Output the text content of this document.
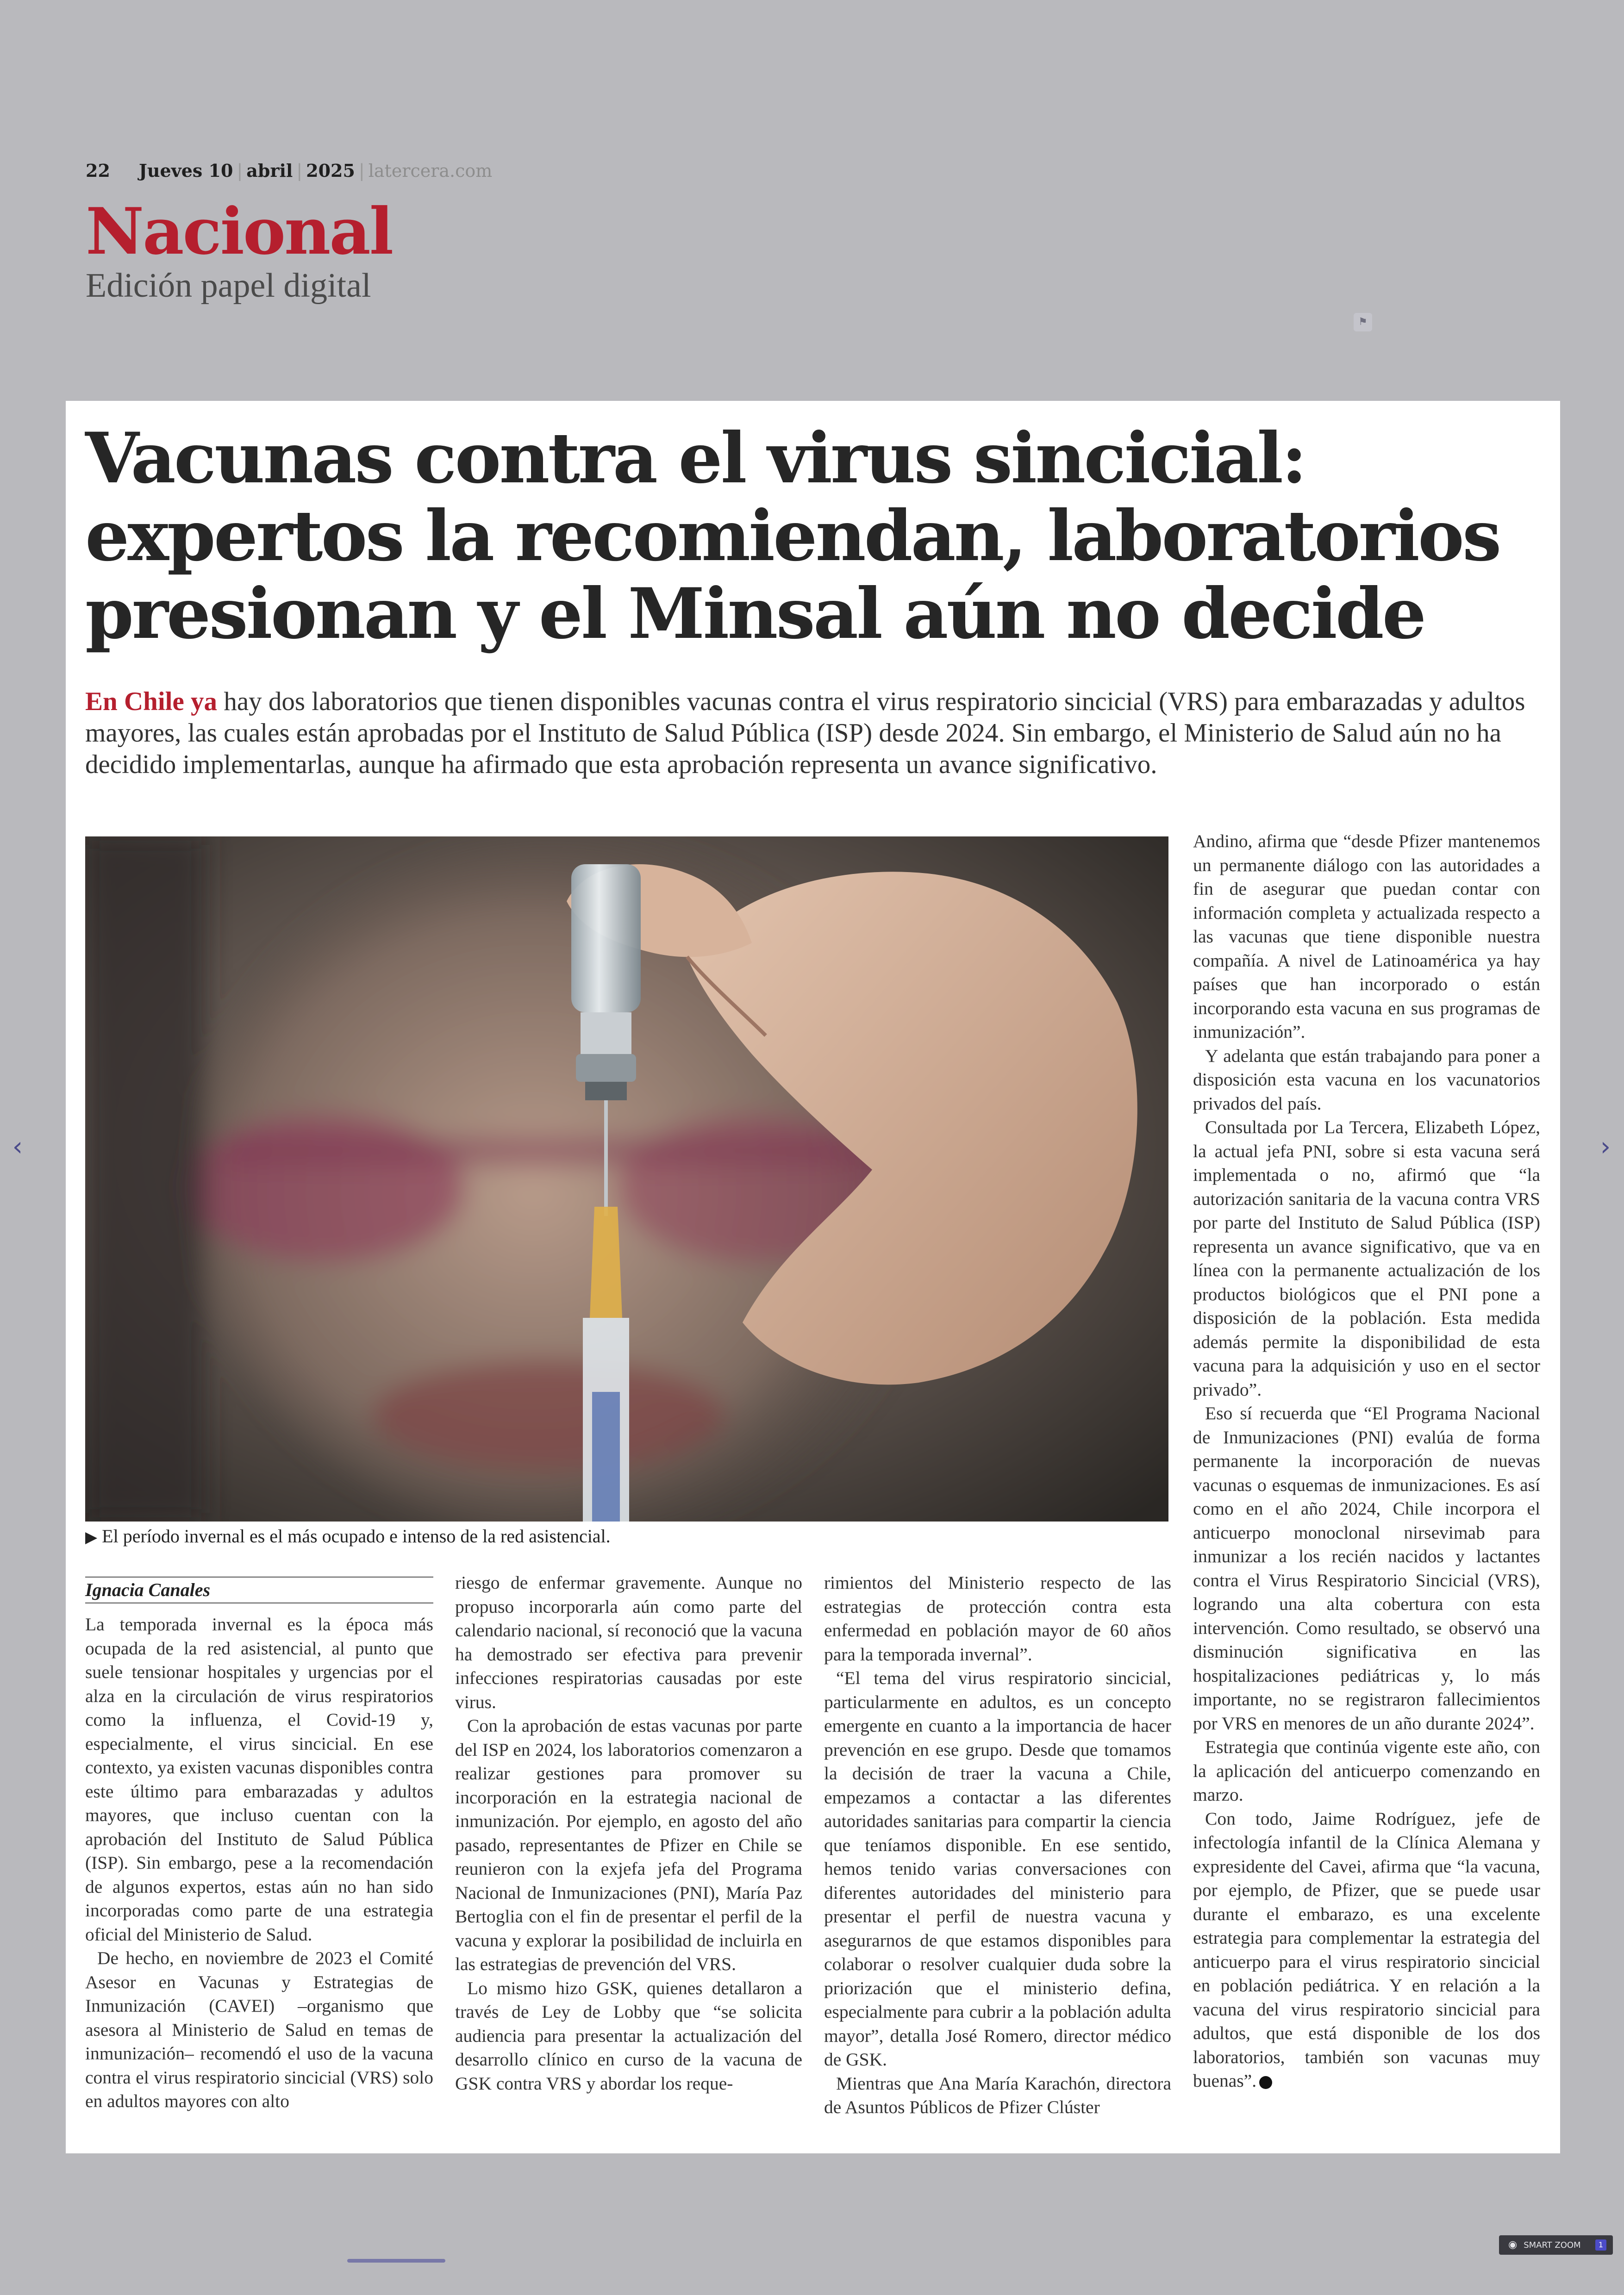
22 Jueves 10 | abril | 2025 | latercera.com
Nacional
Edición papel digital
⚑
Vacunas contra el virus sincicial: expertos la recomiendan, laboratorios presionan y el Minsal aún no decide

En Chile ya hay dos laboratorios que tienen disponibles vacunas contra el virus respiratorio sincicial (VRS) para embarazadas y adultos mayores, las cuales están aprobadas por el Instituto de Salud Pública (ISP) desde 2024. Sin embargo, el Ministerio de Salud aún no ha decidido implementarlas, aunque ha afirmado que esta aprobación representa un avance significativo.

▶ El período invernal es el más ocupado e intenso de la red asistencial.
Ignacia Canales

La temporada invernal es la época más ocupada de la red asistencial, al punto que suele tensionar hospitales y urgencias por el alza en la circulación de virus respiratorios como la influenza, el Covid-19 y, especialmente, el virus sincicial. En ese contexto, ya existen vacunas disponibles contra este último para embarazadas y adultos mayores, que incluso cuentan con la aprobación del Instituto de Salud Pública (ISP). Sin embargo, pese a la recomendación de algunos expertos, estas aún no han sido incorporadas como parte de una estrategia oficial del Ministerio de Salud.

De hecho, en noviembre de 2023 el Comité Asesor en Vacunas y Estrategias de Inmunización (CAVEI) –organismo que asesora al Ministerio de Salud en temas de inmunización– recomendó el uso de la vacuna contra el virus respiratorio sincicial (VRS) solo en adultos mayores con alto

riesgo de enfermar gravemente. Aunque no propuso incorporarla aún como parte del calendario nacional, sí reconoció que la vacuna ha demostrado ser efectiva para prevenir infecciones respiratorias causadas por este virus.

Con la aprobación de estas vacunas por parte del ISP en 2024, los laboratorios comenzaron a realizar gestiones para promover su incorporación en la estrategia nacional de inmunización. Por ejemplo, en agosto del año pasado, representantes de Pfizer en Chile se reunieron con la exjefa jefa del Programa Nacional de Inmunizaciones (PNI), María Paz Bertoglia con el fin de presentar el perfil de la vacuna y explorar la posibilidad de incluirla en las estrategias de prevención del VRS.

Lo mismo hizo GSK, quienes detallaron a través de Ley de Lobby que “se solicita audiencia para presentar la actualización del desarrollo clínico en curso de la vacuna de GSK contra VRS y abordar los reque-

rimientos del Ministerio respecto de las estrategias de protección contra esta enfermedad en población mayor de 60 años para la temporada invernal”.

“El tema del virus respiratorio sincicial, particularmente en adultos, es un concepto emergente en cuanto a la importancia de hacer prevención en ese grupo. Desde que tomamos la decisión de traer la vacuna a Chile, empezamos a contactar a las diferentes autoridades sanitarias para compartir la ciencia que teníamos disponible. En ese sentido, hemos tenido varias conversaciones con diferentes autoridades del ministerio para presentar el perfil de nuestra vacuna y asegurarnos de que estamos disponibles para colaborar o resolver cualquier duda sobre la priorización que el ministerio defina, especialmente para cubrir a la población adulta mayor”, detalla José Romero, director médico de GSK.

Mientras que Ana María Karachón, directora de Asuntos Públicos de Pfizer Clúster

Andino, afirma que “desde Pfizer mantenemos un permanente diálogo con las autoridades a fin de asegurar que puedan contar con información completa y actualizada respecto a las vacunas que tiene disponible nuestra compañía. A nivel de Latinoamérica ya hay países que han incorporado o están incorporando esta vacuna en sus programas de inmunización”.

Y adelanta que están trabajando para poner a disposición esta vacuna en los vacunatorios privados del país.

Consultada por La Tercera, Elizabeth López, la actual jefa PNI, sobre si esta vacuna será implementada o no, afirmó que “la autorización sanitaria de la vacuna contra VRS por parte del Instituto de Salud Pública (ISP) representa un avance significativo, que va en línea con la permanente actualización de los productos biológicos que el PNI pone a disposición de la población. Esta medida además permite la disponibilidad de esta vacuna para la adquisición y uso en el sector privado”.

Eso sí recuerda que “El Programa Nacional de Inmunizaciones (PNI) evalúa de forma permanente la incorporación de nuevas vacunas o esquemas de inmunizaciones. Es así como en el año 2024, Chile incorpora el anticuerpo monoclonal nirsevimab para inmunizar a los recién nacidos y lactantes contra el Virus Respiratorio Sincicial (VRS), logrando una alta cobertura con esta intervención. Como resultado, se observó una disminución significativa en las hospitalizaciones pediátricas y, lo más importante, no se registraron fallecimientos por VRS en menores de un año durante 2024”.

Estrategia que continúa vigente este año, con la aplicación del anticuerpo comenzando en marzo.

Con todo, Jaime Rodríguez, jefe de infectología infantil de la Clínica Alemana y expresidente del Cavei, afirma que “la vacuna, por ejemplo, de Pfizer, que se puede usar durante el embarazo, es una excelente estrategia para complementar la estrategia del anticuerpo para el virus respiratorio sincicial en población pediátrica. Y en relación a la vacuna del virus respiratorio sincicial para adultos, que está disponible de los dos laboratorios, también son vacunas muy buenas”.

‹	›
◉ SMART ZOOM	1
